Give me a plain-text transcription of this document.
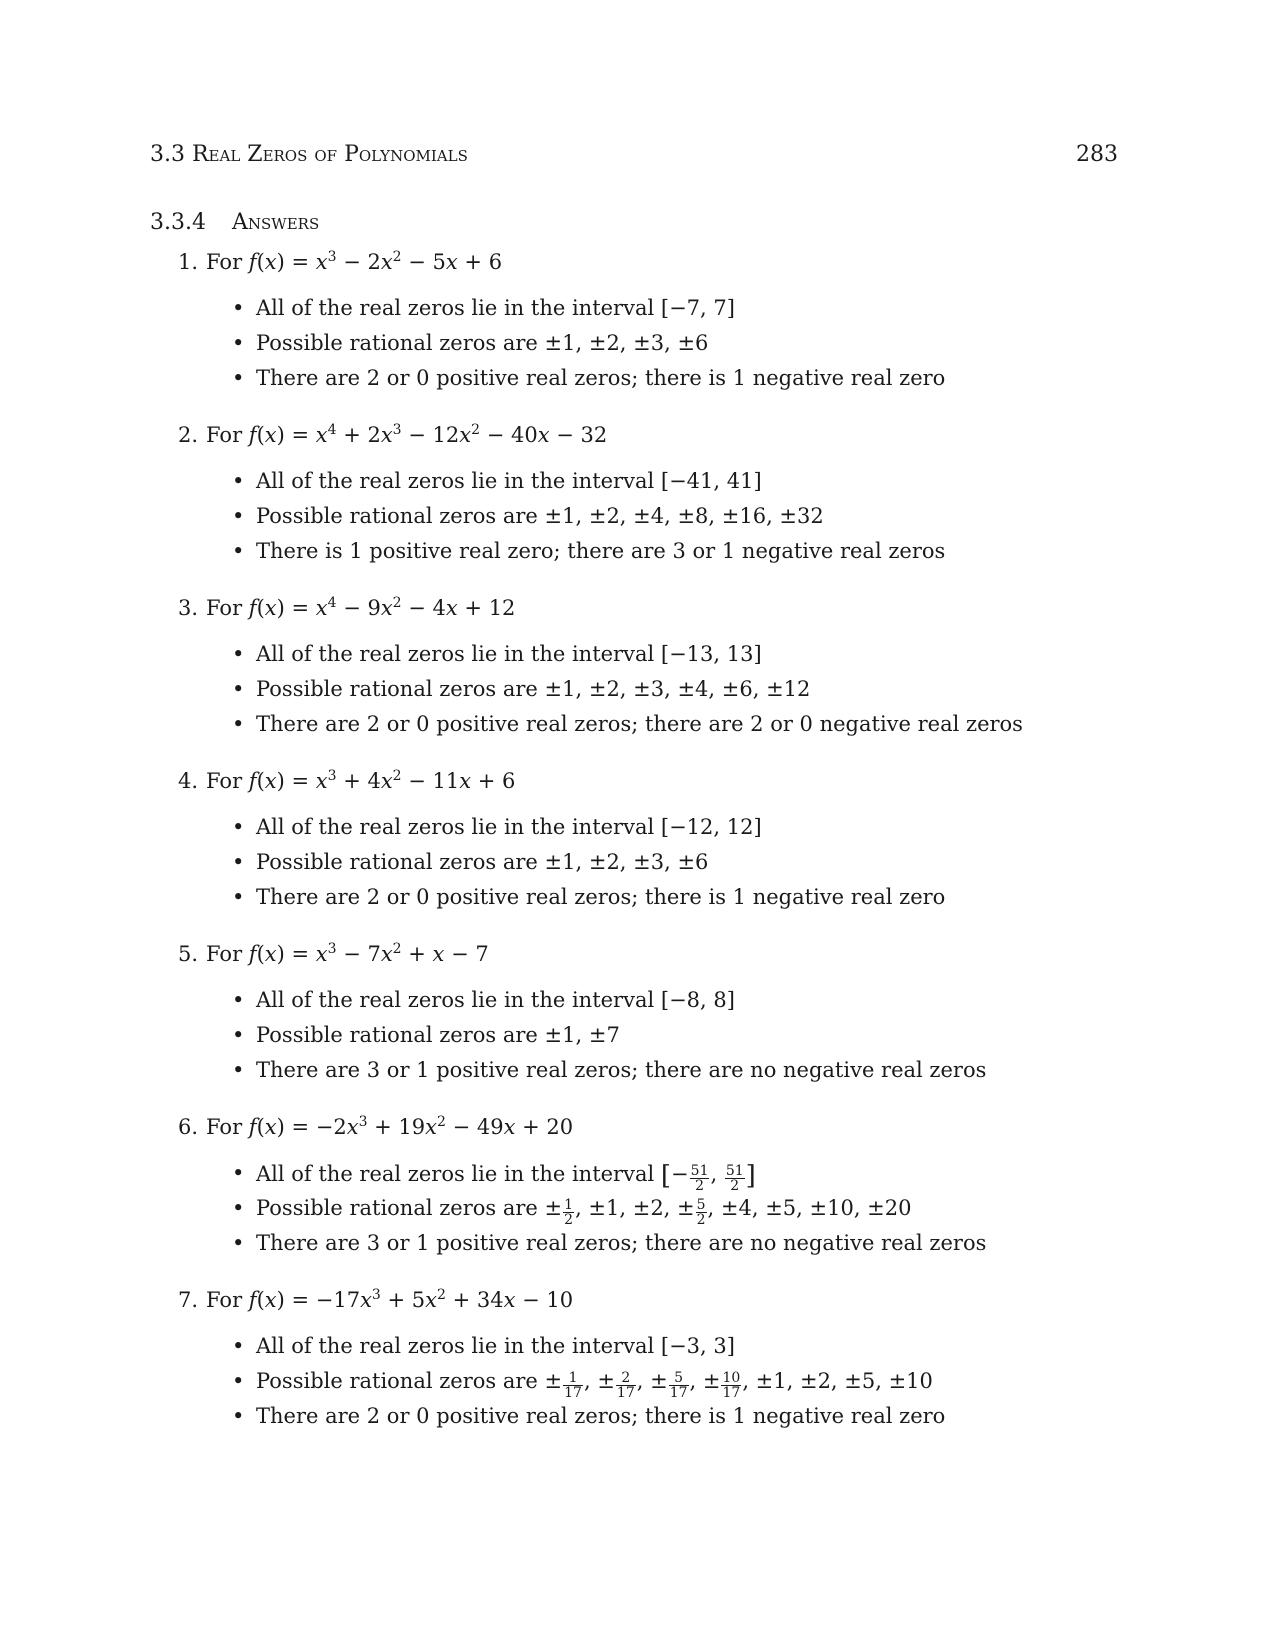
3.3 Real Zeros of Polynomials	283
3.3.4 Answers
1. For $f(x) = x^3 - 2x^2 - 5x + 6$
• All of the real zeros lie in the interval [−7, 7]
• Possible rational zeros are ±1, ±2, ±3, ±6
• There are 2 or 0 positive real zeros; there is 1 negative real zero
2. For $f(x) = x^4 + 2x^3 - 12x^2 - 40x - 32$
• All of the real zeros lie in the interval [−41, 41]
• Possible rational zeros are ±1, ±2, ±4, ±8, ±16, ±32
• There is 1 positive real zero; there are 3 or 1 negative real zeros
3. For $f(x) = x^4 - 9x^2 - 4x + 12$
• All of the real zeros lie in the interval [−13, 13]
• Possible rational zeros are ±1, ±2, ±3, ±4, ±6, ±12
• There are 2 or 0 positive real zeros; there are 2 or 0 negative real zeros
4. For $f(x) = x^3 + 4x^2 - 11x + 6$
• All of the real zeros lie in the interval [−12, 12]
• Possible rational zeros are ±1, ±2, ±3, ±6
• There are 2 or 0 positive real zeros; there is 1 negative real zero
5. For $f(x) = x^3 - 7x^2 + x - 7$
• All of the real zeros lie in the interval [−8, 8]
• Possible rational zeros are ±1, ±7
• There are 3 or 1 positive real zeros; there are no negative real zeros
6. For $f(x) = -2x^3 + 19x^2 - 49x + 20$
• All of the real zeros lie in the interval [− $\frac{51}{2}$ , $\frac{51}{2}$ ]
• Possible rational zeros are ± $\frac{1}{2}$ , ±1, ±2, ± $\frac{5}{2}$ , ±4, ±5, ±10, ±20
• There are 3 or 1 positive real zeros; there are no negative real zeros
7. For $f(x) = -17x^3 + 5x^2 + 34x - 10$
• All of the real zeros lie in the interval [−3, 3]
• Possible rational zeros are ± $\frac{1}{17}$ , ± $\frac{2}{17}$ , ± $\frac{5}{17}$ , ± $\frac{10}{17}$ , ±1, ±2, ±5, ±10
• There are 2 or 0 positive real zeros; there is 1 negative real zero
